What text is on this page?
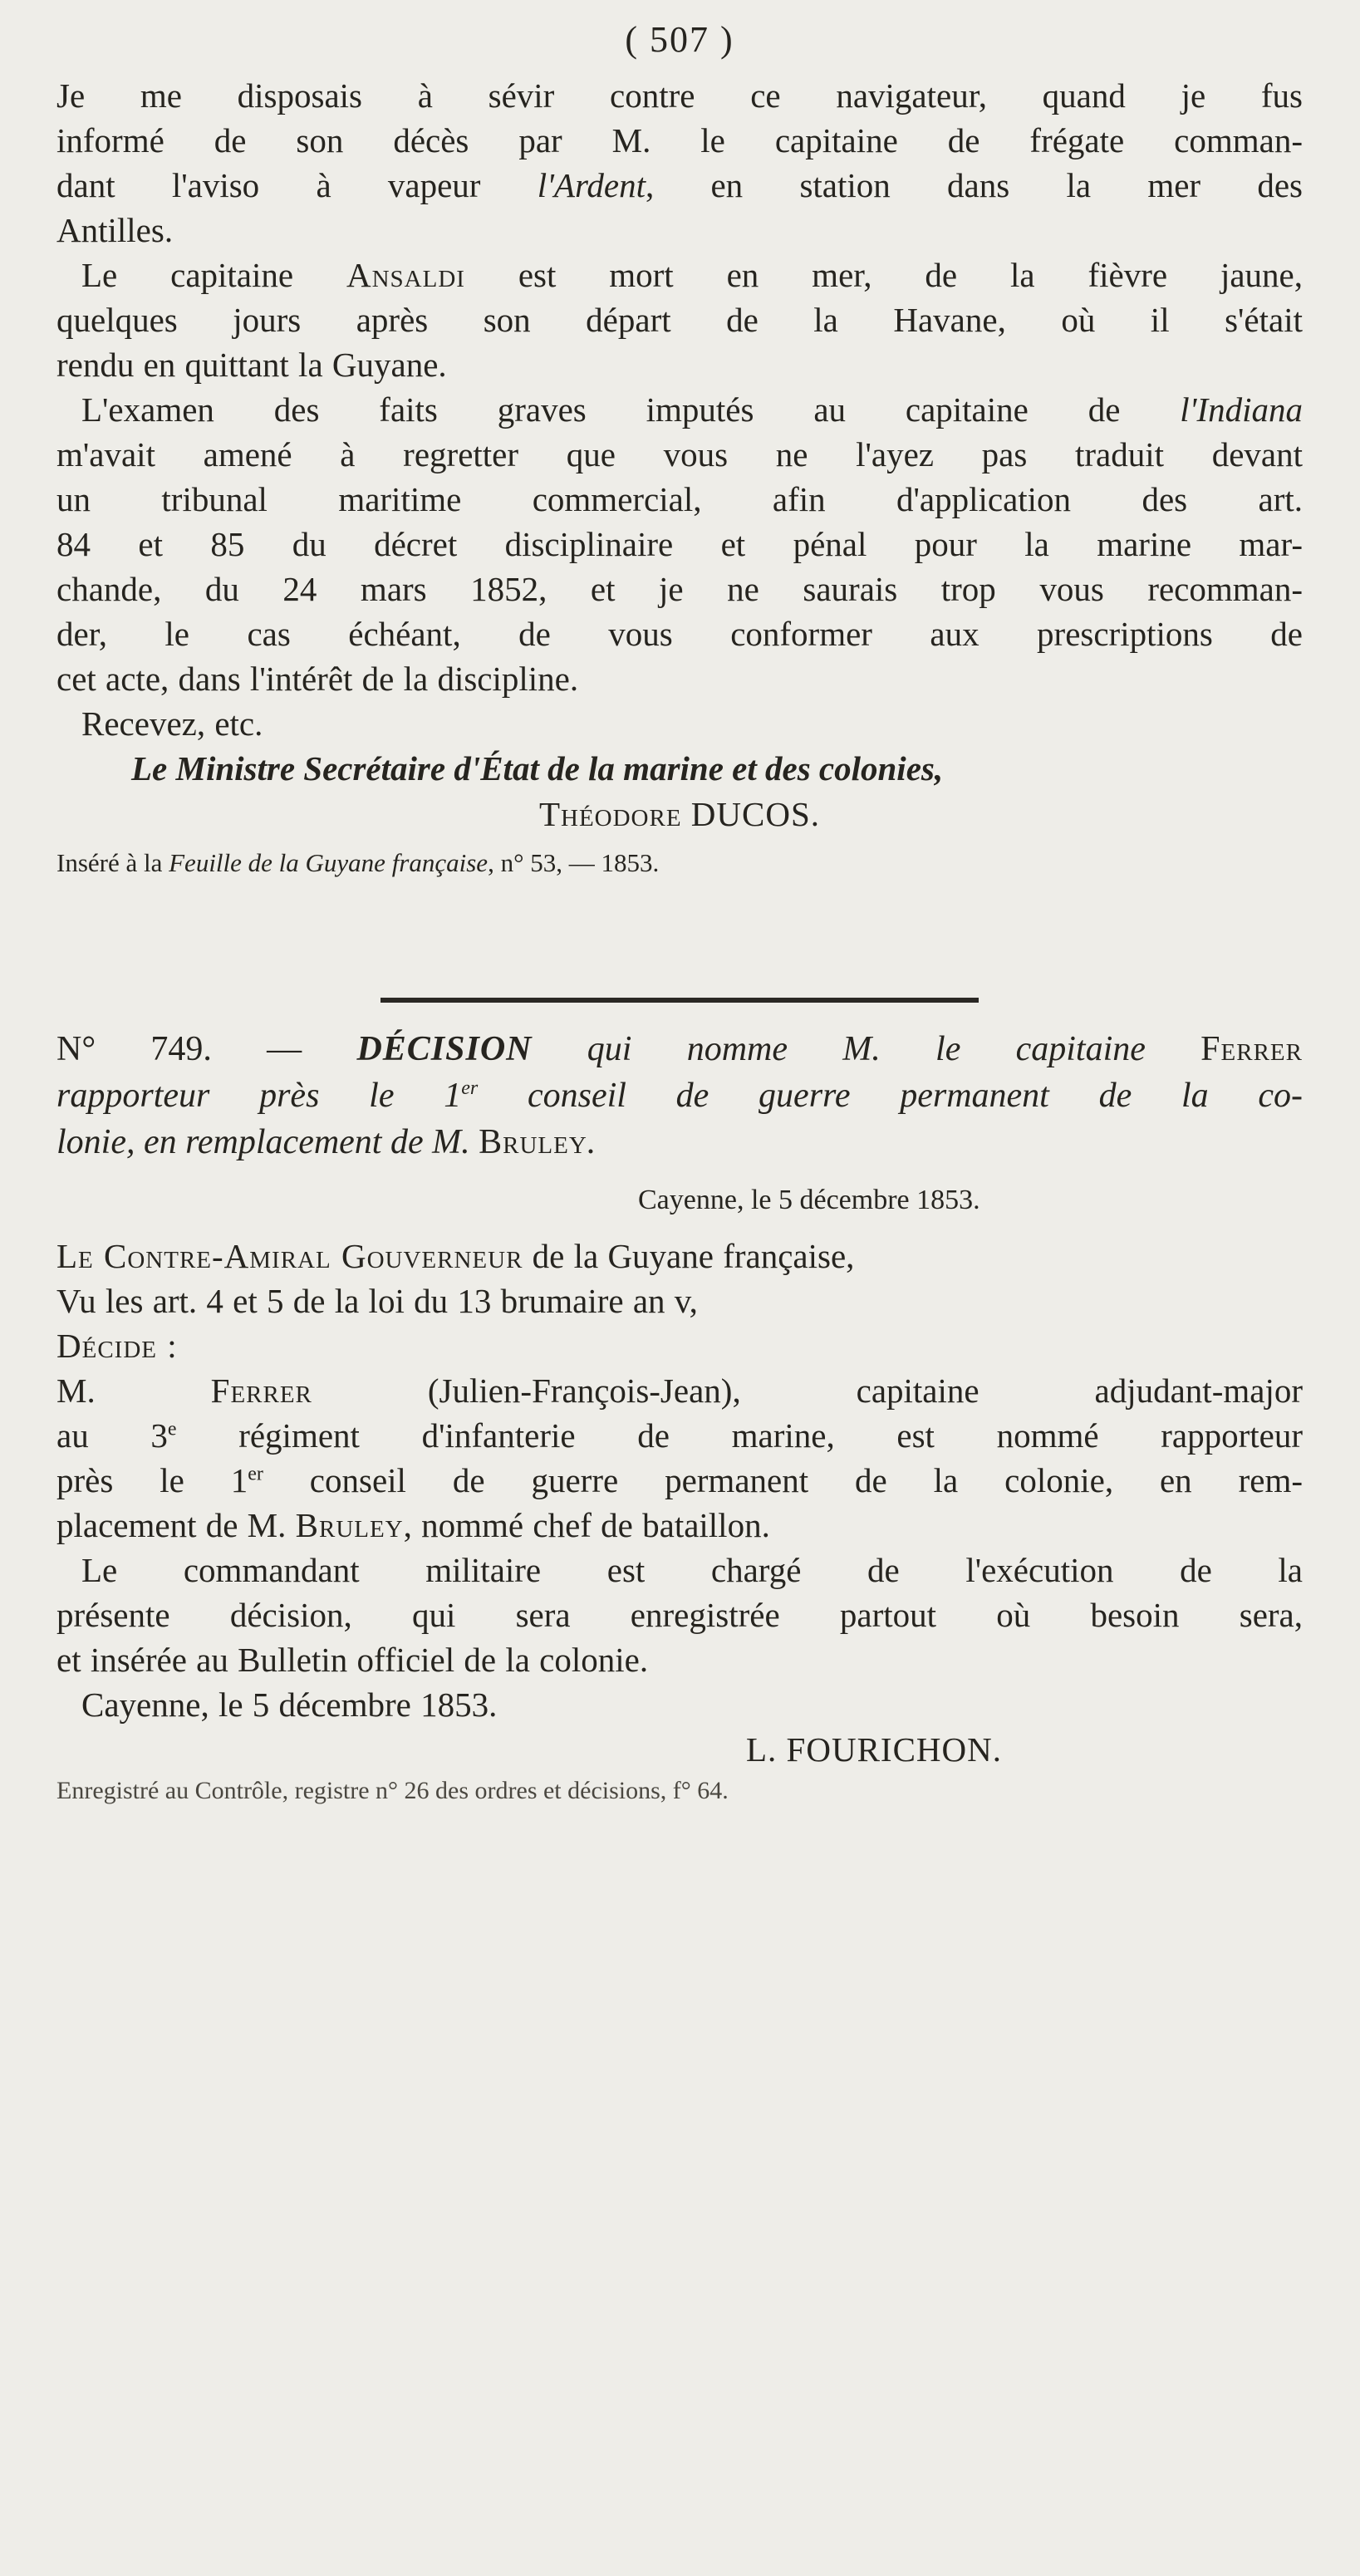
( 507 )

Je me disposais à sévir contre ce navigateur, quand je fus

informé de son décès par M. le capitaine de frégate comman-

dant l'aviso à vapeur l'Ardent, en station dans la mer des

Antilles.

Le capitaine Ansaldi est mort en mer, de la fièvre jaune,

quelques jours après son départ de la Havane, où il s'était

rendu en quittant la Guyane.

L'examen des faits graves imputés au capitaine de l'Indiana

m'avait amené à regretter que vous ne l'ayez pas traduit devant

un tribunal maritime commercial, afin d'application des art.

84 et 85 du décret disciplinaire et pénal pour la marine mar-

chande, du 24 mars 1852, et je ne saurais trop vous recomman-

der, le cas échéant, de vous conformer aux prescriptions de

cet acte, dans l'intérêt de la discipline.

Recevez, etc.

Le Ministre Secrétaire d'État de la marine et des colonies,

Théodore DUCOS.

Inséré à la Feuille de la Guyane française, n° 53, — 1853.

N° 749. — DÉCISION qui nomme M. le capitaine Ferrer

rapporteur près le 1er conseil de guerre permanent de la co-

lonie, en remplacement de M. Bruley.

Cayenne, le 5 décembre 1853.

Le Contre-Amiral Gouverneur de la Guyane française,

Vu les art. 4 et 5 de la loi du 13 brumaire an v,

Décide :

M. Ferrer (Julien-François-Jean), capitaine adjudant-major

au 3e régiment d'infanterie de marine, est nommé rapporteur

près le 1er conseil de guerre permanent de la colonie, en rem-

placement de M. Bruley, nommé chef de bataillon.

Le commandant militaire est chargé de l'exécution de la

présente décision, qui sera enregistrée partout où besoin sera,

et insérée au Bulletin officiel de la colonie.

Cayenne, le 5 décembre 1853.

L. FOURICHON.

Enregistré au Contrôle, registre n° 26 des ordres et décisions, f° 64.
